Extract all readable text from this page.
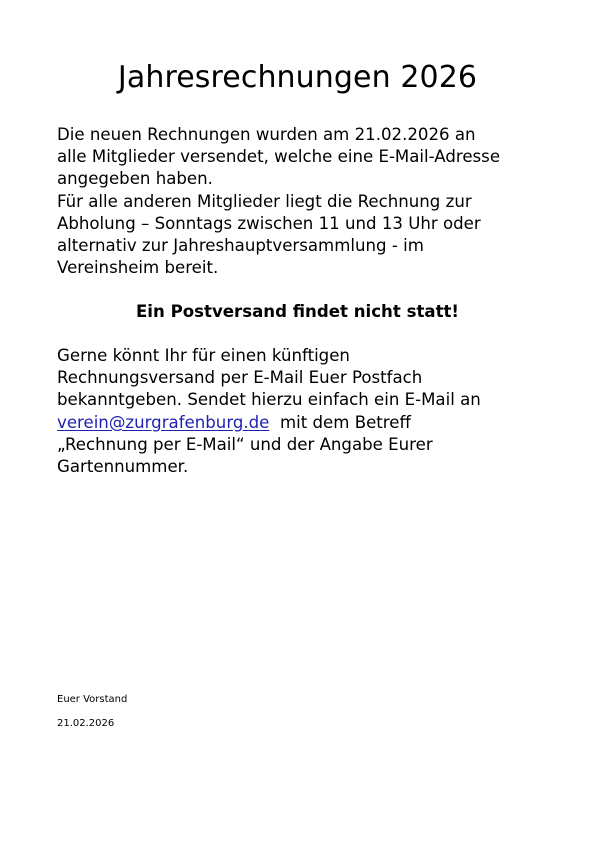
Jahresrechnungen 2026
Die neuen Rechnungen wurden am 21.02.2026 an
alle Mitglieder versendet, welche eine E-Mail-Adresse
angegeben haben.
Für alle anderen Mitglieder liegt die Rechnung zur
Abholung – Sonntags zwischen 11 und 13 Uhr oder
alternativ zur Jahreshauptversammlung - im
Vereinsheim bereit.

Ein Postversand findet nicht statt!

Gerne könnt Ihr für einen künftigen
Rechnungsversand per E-Mail Euer Postfach
bekanntgeben. Sendet hierzu einfach ein E-Mail an
verein@zurgrafenburg.de  mit dem Betreff
„Rechnung per E-Mail“ und der Angabe Eurer
Gartennummer.

Euer Vorstand

21.02.2026
